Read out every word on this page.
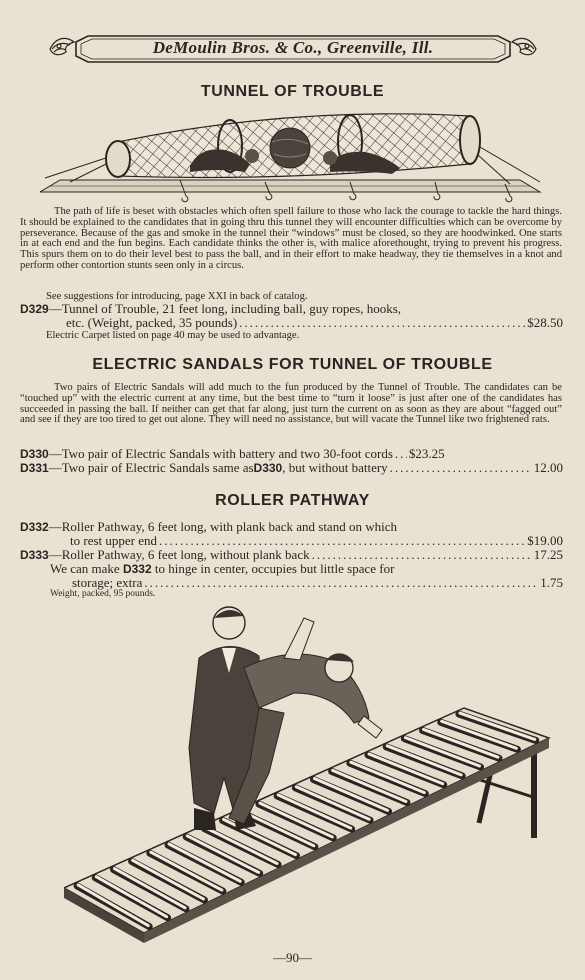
DeMoulin Bros. & Co., Greenville, Ill.
TUNNEL OF TROUBLE

The path of life is beset with obstacles which often spell failure to those who lack the courage to tackle the hard things. It should be explained to the candidates that in going thru this tunnel they will encounter difficulties which can be overcome by perseverance. Because of the gas and smoke in the tunnel their “windows” must be closed, so they are hoodwinked. One starts in at each end and the fun begins. Each candidate thinks the other is, with malice aforethought, trying to prevent his progress. This spurs them on to do their level best to pass the ball, and in their effort to make headway, they tie themselves in a knot and perform other contortion stunts seen only in a circus.

See suggestions for introducing, page XXI in back of catalog.

D329—Tunnel of Trouble, 21 feet long, including ball, guy ropes, hooks,
etc. (Weight, packed, 35 pounds) .....	$28.50

Electric Carpet listed on page 40 may be used to advantage.

ELECTRIC SANDALS FOR TUNNEL OF TROUBLE

Two pairs of Electric Sandals will add much to the fun produced by the Tunnel of Trouble. The candidates can be “touched up” with the electric current at any time, but the best time to “turn it loose” is just after one of the candidates has succeeded in passing the ball. If neither can get that far along, just turn the current on as soon as they are about “fagged out” and see if they are too tired to get out alone. They will need no assistance, but will vacate the Tunnel like two frightened rats.

D330 —Two pair of Electric Sandals with battery and two 30-foot cords ..... $23.25
D331 —Two pair of Electric Sandals same as D330 , but without battery .....	12.00
ROLLER PATHWAY
D332—Roller Pathway, 6 feet long, with plank back and stand on which
to rest upper end .....	$19.00
D333 —Roller Pathway, 6 feet long, without plank back .....	17.25
We can make D332 to hinge in center, occupies but little space for
storage; extra .....	1.75

Weight, packed, 95 pounds.

—90—
